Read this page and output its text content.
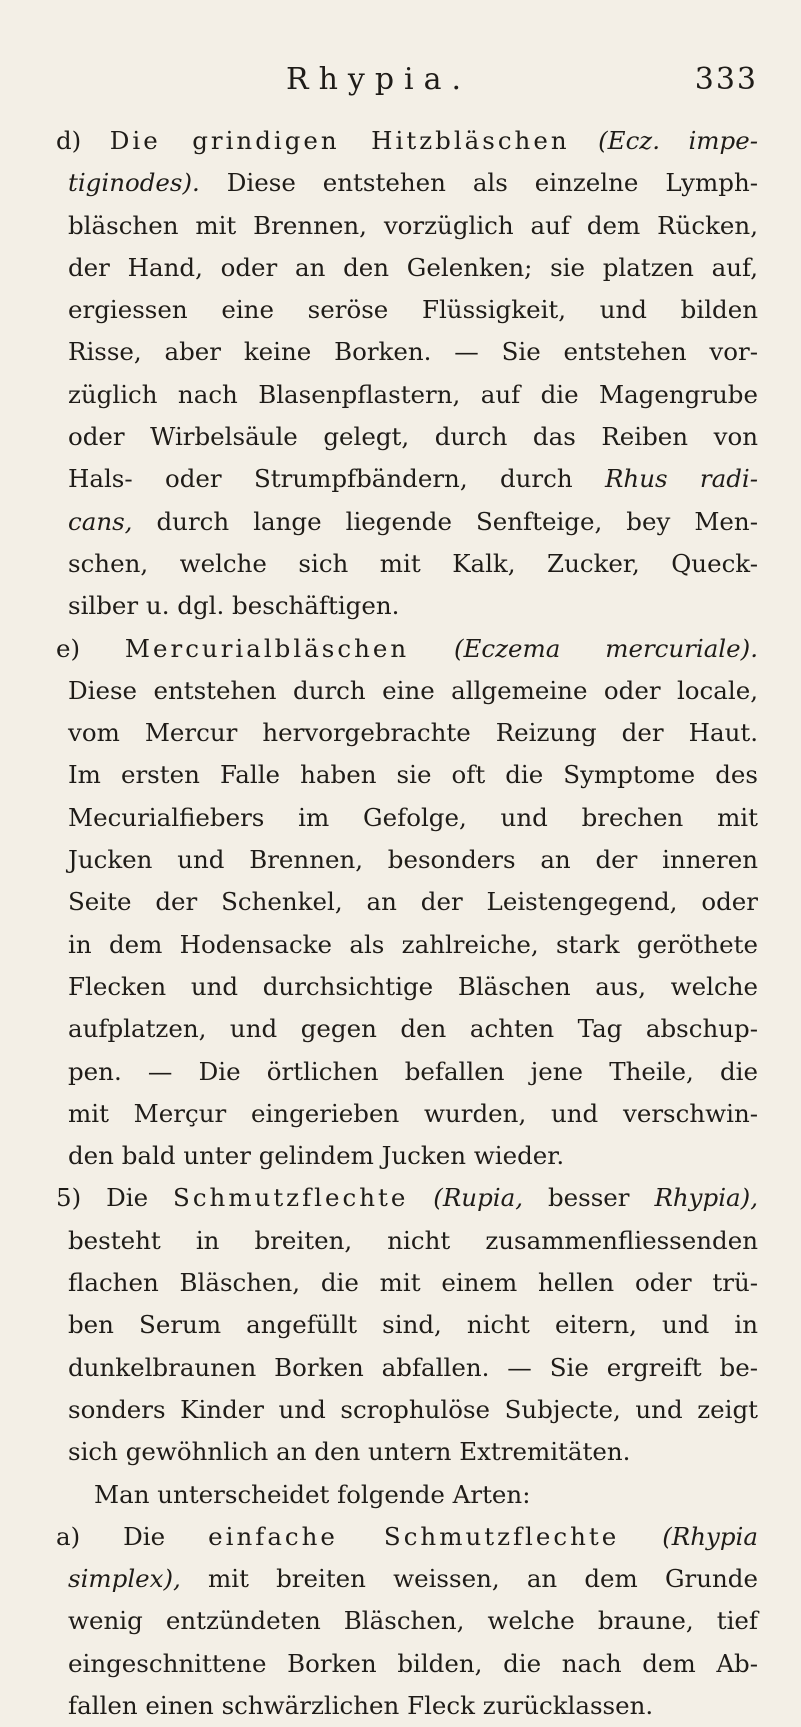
Rhypia.	333
d) Die grindigen Hitzbläschen (Ecz. impe-
tiginodes). Diese entstehen als einzelne Lymph-
bläschen mit Brennen, vorzüglich auf dem Rücken,
der Hand, oder an den Gelenken; sie platzen auf,
ergiessen eine seröse Flüssigkeit, und bilden
Risse, aber keine Borken. — Sie entstehen vor-
züglich nach Blasenpflastern, auf die Magengrube
oder Wirbelsäule gelegt, durch das Reiben von
Hals- oder Strumpfbändern, durch Rhus radi-
cans, durch lange liegende Senfteige, bey Men-
schen, welche sich mit Kalk, Zucker, Queck-
silber u. dgl. beschäftigen.
e) Mercurialbläschen (Eczema mercuriale).
Diese entstehen durch eine allgemeine oder locale,
vom Mercur hervorgebrachte Reizung der Haut.
Im ersten Falle haben sie oft die Symptome des
Mecurialfiebers im Gefolge, und brechen mit
Jucken und Brennen, besonders an der inneren
Seite der Schenkel, an der Leistengegend, oder
in dem Hodensacke als zahlreiche, stark geröthete
Flecken und durchsichtige Bläschen aus, welche
aufplatzen, und gegen den achten Tag abschup-
pen. — Die örtlichen befallen jene Theile, die
mit Merçur eingerieben wurden, und verschwin-
den bald unter gelindem Jucken wieder.
5) Die Schmutzflechte (Rupia, besser Rhypia),
besteht in breiten, nicht zusammenfliessenden
flachen Bläschen, die mit einem hellen oder trü-
ben Serum angefüllt sind, nicht eitern, und in
dunkelbraunen Borken abfallen. — Sie ergreift be-
sonders Kinder und scrophulöse Subjecte, und zeigt
sich gewöhnlich an den untern Extremitäten.
Man unterscheidet folgende Arten:
a) Die einfache Schmutzflechte (Rhypia
simplex), mit breiten weissen, an dem Grunde
wenig entzündeten Bläschen, welche braune, tief
eingeschnittene Borken bilden, die nach dem Ab-
fallen einen schwärzlichen Fleck zurücklassen.
